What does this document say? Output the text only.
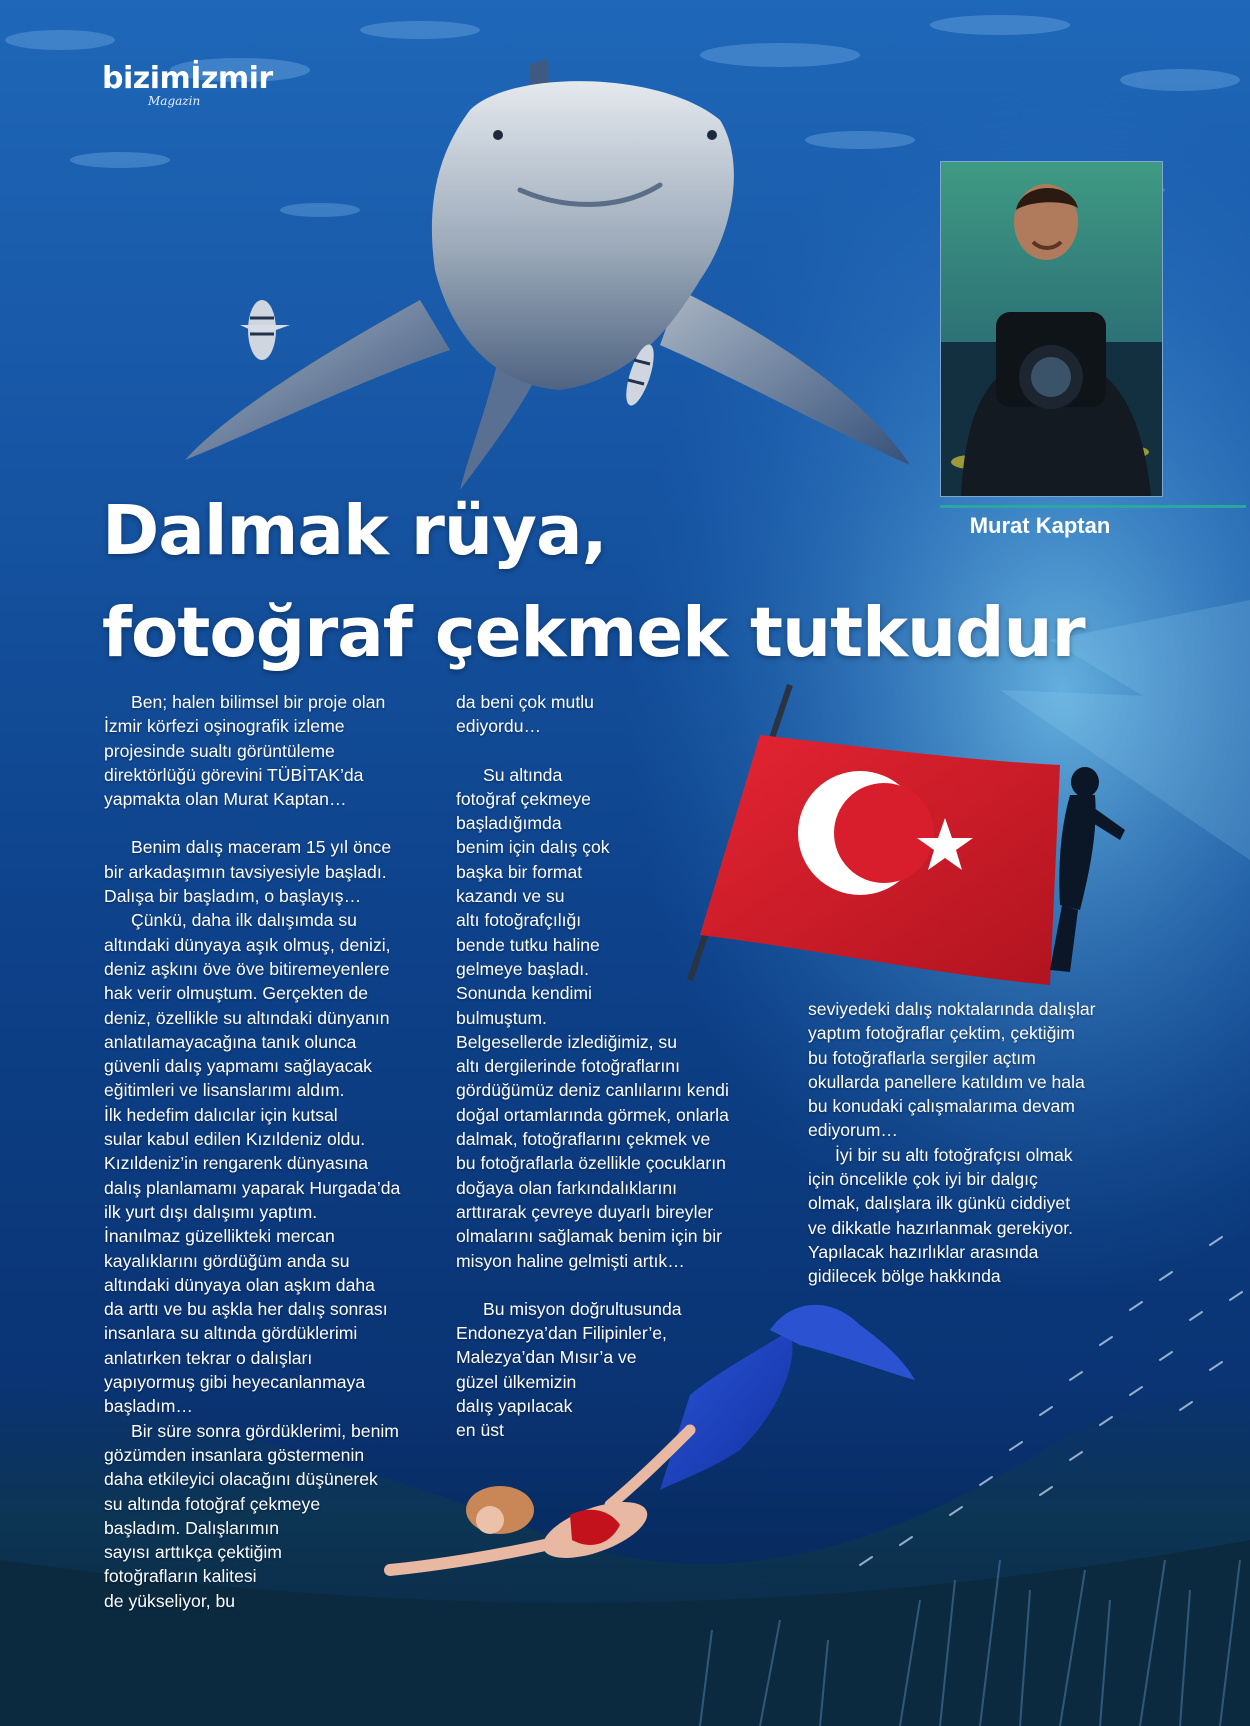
bizimİzmir
Magazin
Murat Kaptan
Dalmak rüya,
fotoğraf çekmek tutkudur

Ben; halen bilimsel bir proje olan
İzmir körfezi oşinografik izleme
projesinde sualtı görüntüleme
direktörlüğü görevini TÜBİTAK’da
yapmakta olan Murat Kaptan…

Benim dalış maceram 15 yıl önce
bir arkadaşımın tavsiyesiyle başladı.
Dalışa bir başladım, o başlayış…

Çünkü, daha ilk dalışımda su
altındaki dünyaya aşık olmuş, denizi,
deniz aşkını öve öve bitiremeyenlere
hak verir olmuştum. Gerçekten de
deniz, özellikle su altındaki dünyanın
anlatılamayacağına tanık olunca
güvenli dalış yapmamı sağlayacak
eğitimleri ve lisanslarımı aldım.
İlk hedefim dalıcılar için kutsal
sular kabul edilen Kızıldeniz oldu.
Kızıldeniz’in rengarenk dünyasına
dalış planlamamı yaparak Hurgada’da
ilk yurt dışı dalışımı yaptım.
İnanılmaz güzellikteki mercan
kayalıklarını gördüğüm anda su
altındaki dünyaya olan aşkım daha
da arttı ve bu aşkla her dalış sonrası
insanlara su altında gördüklerimi
anlatırken tekrar o dalışları
yapıyormuş gibi heyecanlanmaya
başladım…

Bir süre sonra gördüklerimi, benim
gözümden insanlara göstermenin
daha etkileyici olacağını düşünerek
su altında fotoğraf çekmeye
başladım. Dalışlarımın
sayısı arttıkça çektiğim
fotoğrafların kalitesi
de yükseliyor, bu

da beni çok mutlu
ediyordu…

Su altında
fotoğraf çekmeye
başladığımda
benim için dalış çok
başka bir format
kazandı ve su
altı fotoğrafçılığı
bende tutku haline
gelmeye başladı.
Sonunda kendimi
bulmuştum.
Belgesellerde izlediğimiz, su
altı dergilerinde fotoğraflarını
gördüğümüz deniz canlılarını kendi
doğal ortamlarında görmek, onlarla
dalmak, fotoğraflarını çekmek ve
bu fotoğraflarla özellikle çocukların
doğaya olan farkındalıklarını
arttırarak çevreye duyarlı bireyler
olmalarını sağlamak benim için bir
misyon haline gelmişti artık…

Bu misyon doğrultusunda
Endonezya’dan Filipinler’e,
Malezya’dan Mısır’a ve
güzel ülkemizin
dalış yapılacak
en üst

seviyedeki dalış noktalarında dalışlar
yaptım fotoğraflar çektim, çektiğim
bu fotoğraflarla sergiler açtım
okullarda panellere katıldım ve hala
bu konudaki çalışmalarıma devam
ediyorum…

İyi bir su altı fotoğrafçısı olmak
için öncelikle çok iyi bir dalgıç
olmak, dalışlara ilk günkü ciddiyet
ve dikkatle hazırlanmak gerekiyor.
Yapılacak hazırlıklar arasında
gidilecek bölge hakkında
